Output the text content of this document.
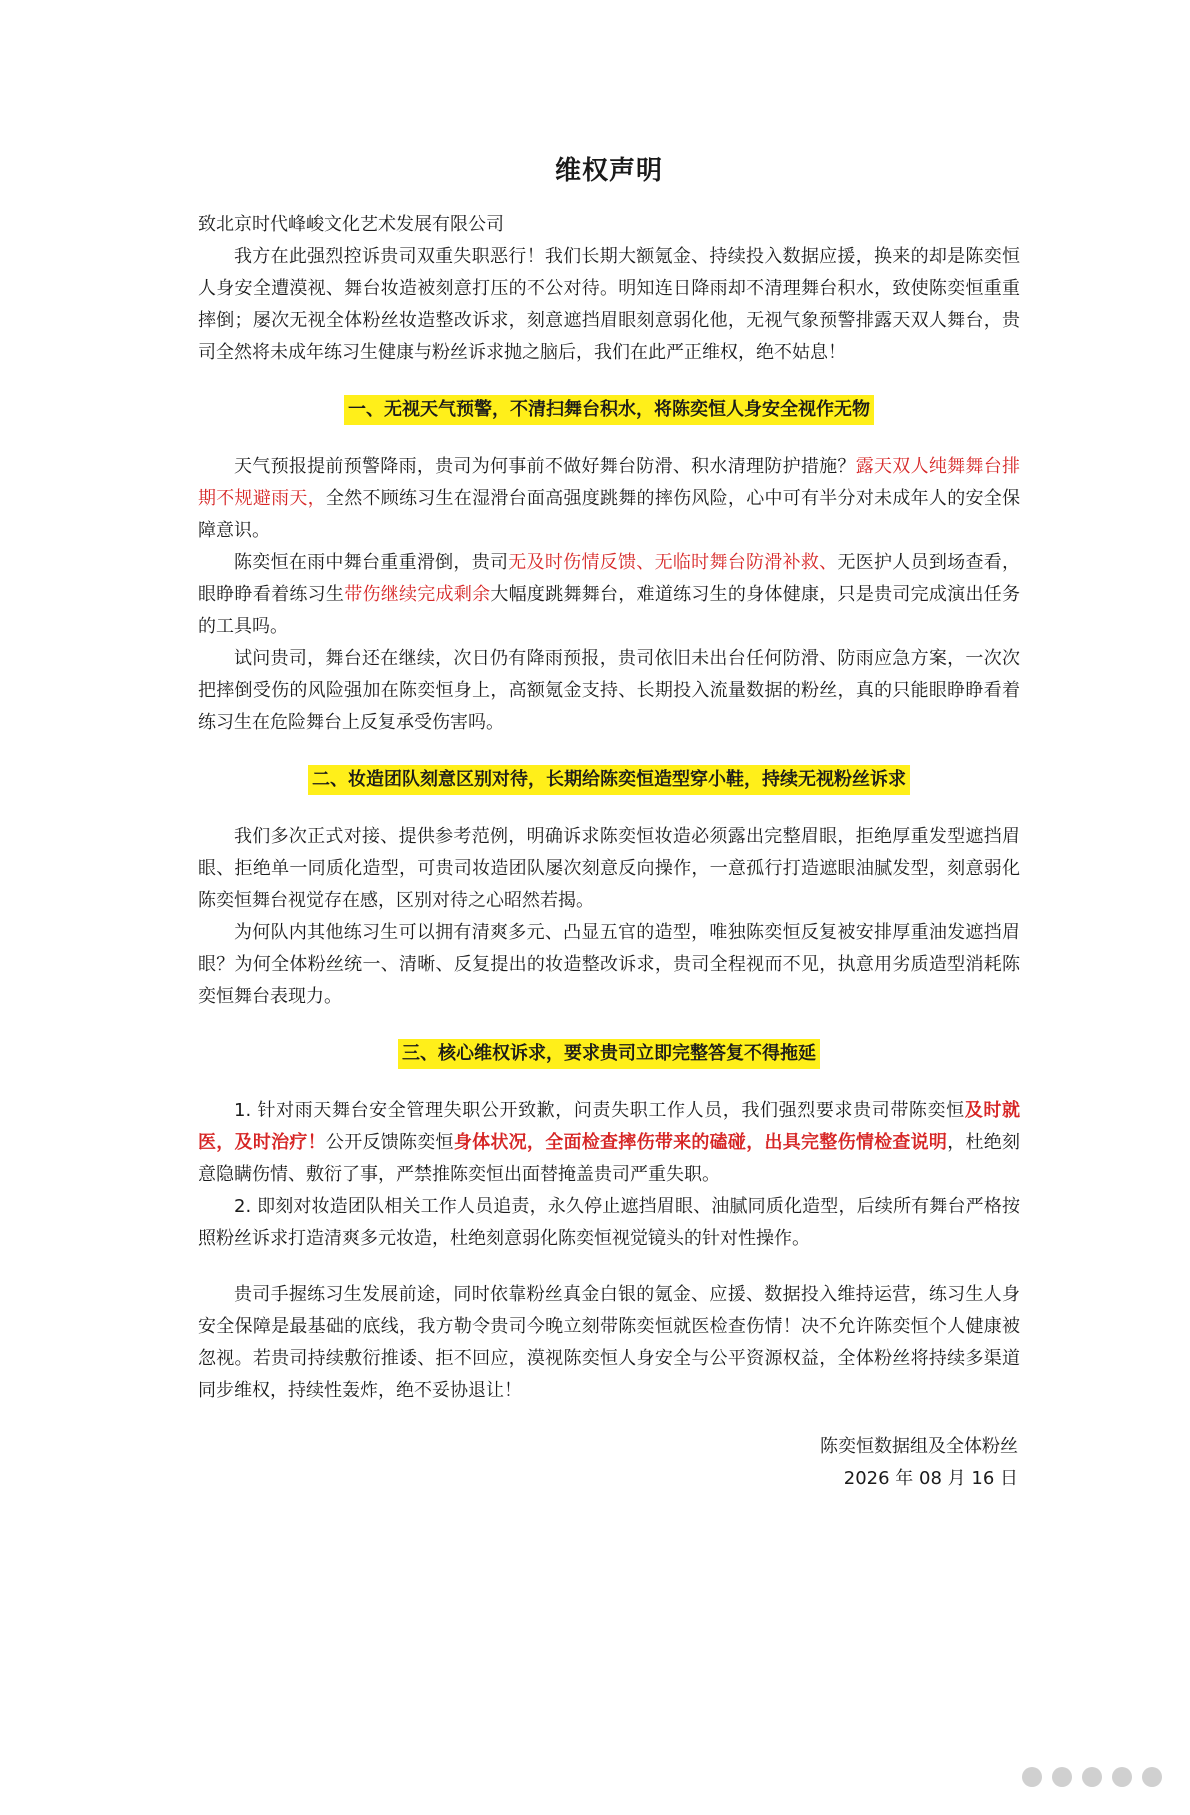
维权声明

致北京时代峰峻文化艺术发展有限公司

我方在此强烈控诉贵司双重失职恶行！我们长期大额氪金、持续投入数据应援，换来的却是陈奕恒人身安全遭漠视、舞台妆造被刻意打压的不公对待。明知连日降雨却不清理舞台积水，致使陈奕恒重重摔倒；屡次无视全体粉丝妆造整改诉求，刻意遮挡眉眼刻意弱化他，无视气象预警排露天双人舞台，贵司全然将未成年练习生健康与粉丝诉求抛之脑后，我们在此严正维权，绝不姑息！

一、无视天气预警，不清扫舞台积水，将陈奕恒人身安全视作无物

天气预报提前预警降雨，贵司为何事前不做好舞台防滑、积水清理防护措施？露天双人纯舞舞台排期不规避雨天，全然不顾练习生在湿滑台面高强度跳舞的摔伤风险，心中可有半分对未成年人的安全保障意识。

陈奕恒在雨中舞台重重滑倒，贵司无及时伤情反馈、无临时舞台防滑补救、无医护人员到场查看，眼睁睁看着练习生带伤继续完成剩余大幅度跳舞舞台，难道练习生的身体健康，只是贵司完成演出任务的工具吗。

试问贵司，舞台还在继续，次日仍有降雨预报，贵司依旧未出台任何防滑、防雨应急方案，一次次把摔倒受伤的风险强加在陈奕恒身上，高额氪金支持、长期投入流量数据的粉丝，真的只能眼睁睁看着练习生在危险舞台上反复承受伤害吗。

二、妆造团队刻意区别对待，长期给陈奕恒造型穿小鞋，持续无视粉丝诉求

我们多次正式对接、提供参考范例，明确诉求陈奕恒妆造必须露出完整眉眼，拒绝厚重发型遮挡眉眼、拒绝单一同质化造型，可贵司妆造团队屡次刻意反向操作，一意孤行打造遮眼油腻发型，刻意弱化陈奕恒舞台视觉存在感，区别对待之心昭然若揭。

为何队内其他练习生可以拥有清爽多元、凸显五官的造型，唯独陈奕恒反复被安排厚重油发遮挡眉眼？为何全体粉丝统一、清晰、反复提出的妆造整改诉求，贵司全程视而不见，执意用劣质造型消耗陈奕恒舞台表现力。

三、核心维权诉求，要求贵司立即完整答复不得拖延

1. 针对雨天舞台安全管理失职公开致歉，问责失职工作人员，我们强烈要求贵司带陈奕恒及时就医，及时治疗！公开反馈陈奕恒身体状况，全面检查摔伤带来的磕碰，出具完整伤情检查说明，杜绝刻意隐瞒伤情、敷衍了事，严禁推陈奕恒出面替掩盖贵司严重失职。

2. 即刻对妆造团队相关工作人员追责，永久停止遮挡眉眼、油腻同质化造型，后续所有舞台严格按照粉丝诉求打造清爽多元妆造，杜绝刻意弱化陈奕恒视觉镜头的针对性操作。

贵司手握练习生发展前途，同时依靠粉丝真金白银的氪金、应援、数据投入维持运营，练习生人身安全保障是最基础的底线，我方勒令贵司今晚立刻带陈奕恒就医检查伤情！决不允许陈奕恒个人健康被忽视。若贵司持续敷衍推诿、拒不回应，漠视陈奕恒人身安全与公平资源权益，全体粉丝将持续多渠道同步维权，持续性轰炸，绝不妥协退让！

陈奕恒数据组及全体粉丝

2026 年 08 月 16 日
